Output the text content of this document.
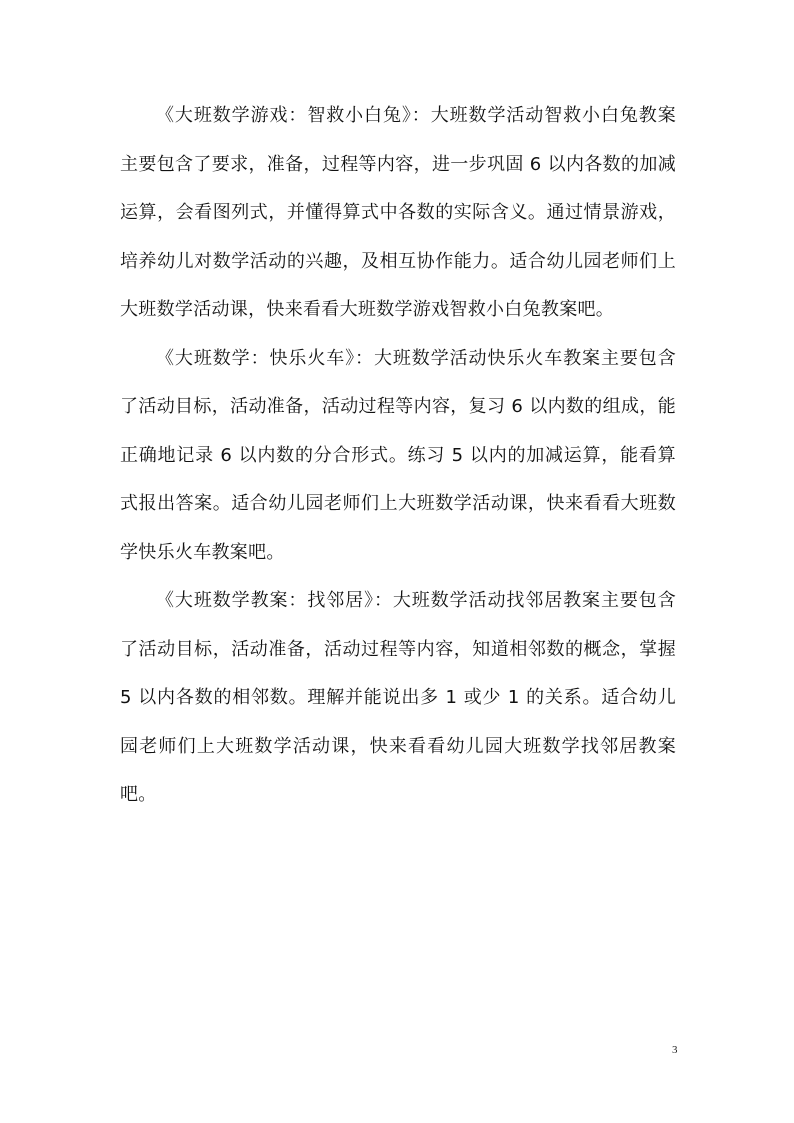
《大班数学游戏：智救小白兔》：大班数学活动智救小白兔教案主要包含了要求，准备，过程等内容，进一步巩固 6 以内各数的加减运算，会看图列式，并懂得算式中各数的实际含义。通过情景游戏，培养幼儿对数学活动的兴趣，及相互协作能力。适合幼儿园老师们上大班数学活动课，快来看看大班数学游戏智救小白兔教案吧。

《大班数学：快乐火车》：大班数学活动快乐火车教案主要包含了活动目标，活动准备，活动过程等内容，复习 6 以内数的组成，能正确地记录 6 以内数的分合形式。练习 5 以内的加减运算，能看算式报出答案。适合幼儿园老师们上大班数学活动课，快来看看大班数学快乐火车教案吧。

《大班数学教案：找邻居》：大班数学活动找邻居教案主要包含了活动目标，活动准备，活动过程等内容，知道相邻数的概念，掌握 5 以内各数的相邻数。理解并能说出多 1 或少 1 的关系。适合幼儿园老师们上大班数学活动课，快来看看幼儿园大班数学找邻居教案吧。

3
